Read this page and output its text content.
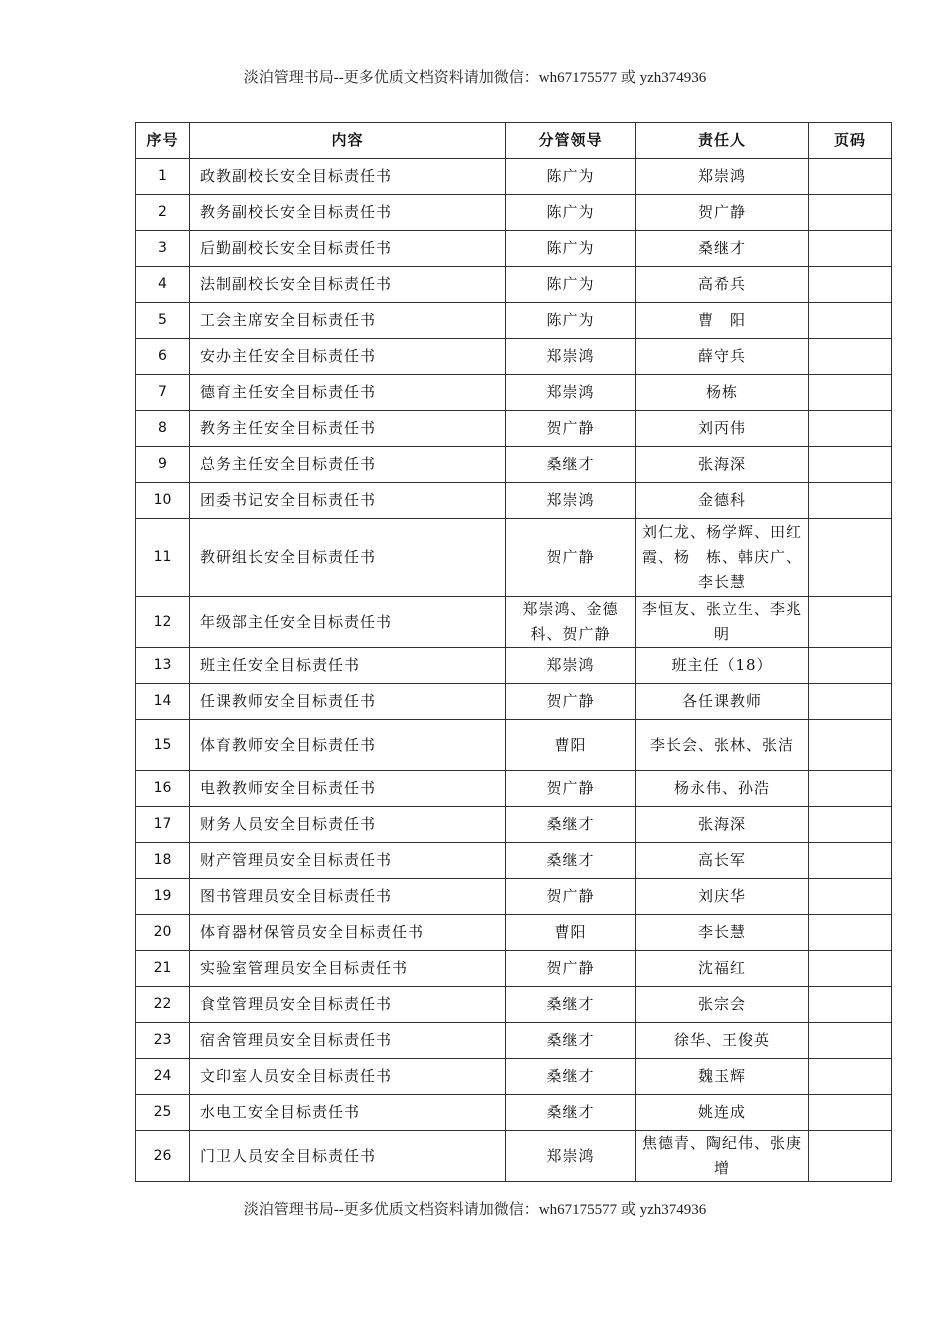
淡泊管理书局--更多优质文档资料请加微信：wh67175577 或 yzh374936
序号	内容	分管领导	责任人	页码
1	政教副校长安全目标责任书	陈广为	郑崇鸿	
2	教务副校长安全目标责任书	陈广为	贺广静	
3	后勤副校长安全目标责任书	陈广为	桑继才	
4	法制副校长安全目标责任书	陈广为	高希兵	
5	工会主席安全目标责任书	陈广为	曹　阳	
6	安办主任安全目标责任书	郑崇鸿	薛守兵	
7	德育主任安全目标责任书	郑崇鸿	杨栋	
8	教务主任安全目标责任书	贺广静	刘丙伟	
9	总务主任安全目标责任书	桑继才	张海深	
10	团委书记安全目标责任书	郑崇鸿	金德科	
11	教研组长安全目标责任书	贺广静	刘仁龙、杨学辉、田红霞、杨　栋、韩庆广、李长慧	
12	年级部主任安全目标责任书	郑崇鸿、金德科、贺广静	李恒友、张立生、李兆明	
13	班主任安全目标责任书	郑崇鸿	班主任（18）	
14	任课教师安全目标责任书	贺广静	各任课教师	
15	体育教师安全目标责任书	曹阳	李长会、张林、张洁	
16	电教教师安全目标责任书	贺广静	杨永伟、孙浩	
17	财务人员安全目标责任书	桑继才	张海深	
18	财产管理员安全目标责任书	桑继才	高长军	
19	图书管理员安全目标责任书	贺广静	刘庆华	
20	体育器材保管员安全目标责任书	曹阳	李长慧	
21	实验室管理员安全目标责任书	贺广静	沈福红	
22	食堂管理员安全目标责任书	桑继才	张宗会	
23	宿舍管理员安全目标责任书	桑继才	徐华、王俊英	
24	文印室人员安全目标责任书	桑继才	魏玉辉	
25	水电工安全目标责任书	桑继才	姚连成	
26	门卫人员安全目标责任书	郑崇鸿	焦德青、陶纪伟、张庚增	
淡泊管理书局--更多优质文档资料请加微信：wh67175577 或 yzh374936
